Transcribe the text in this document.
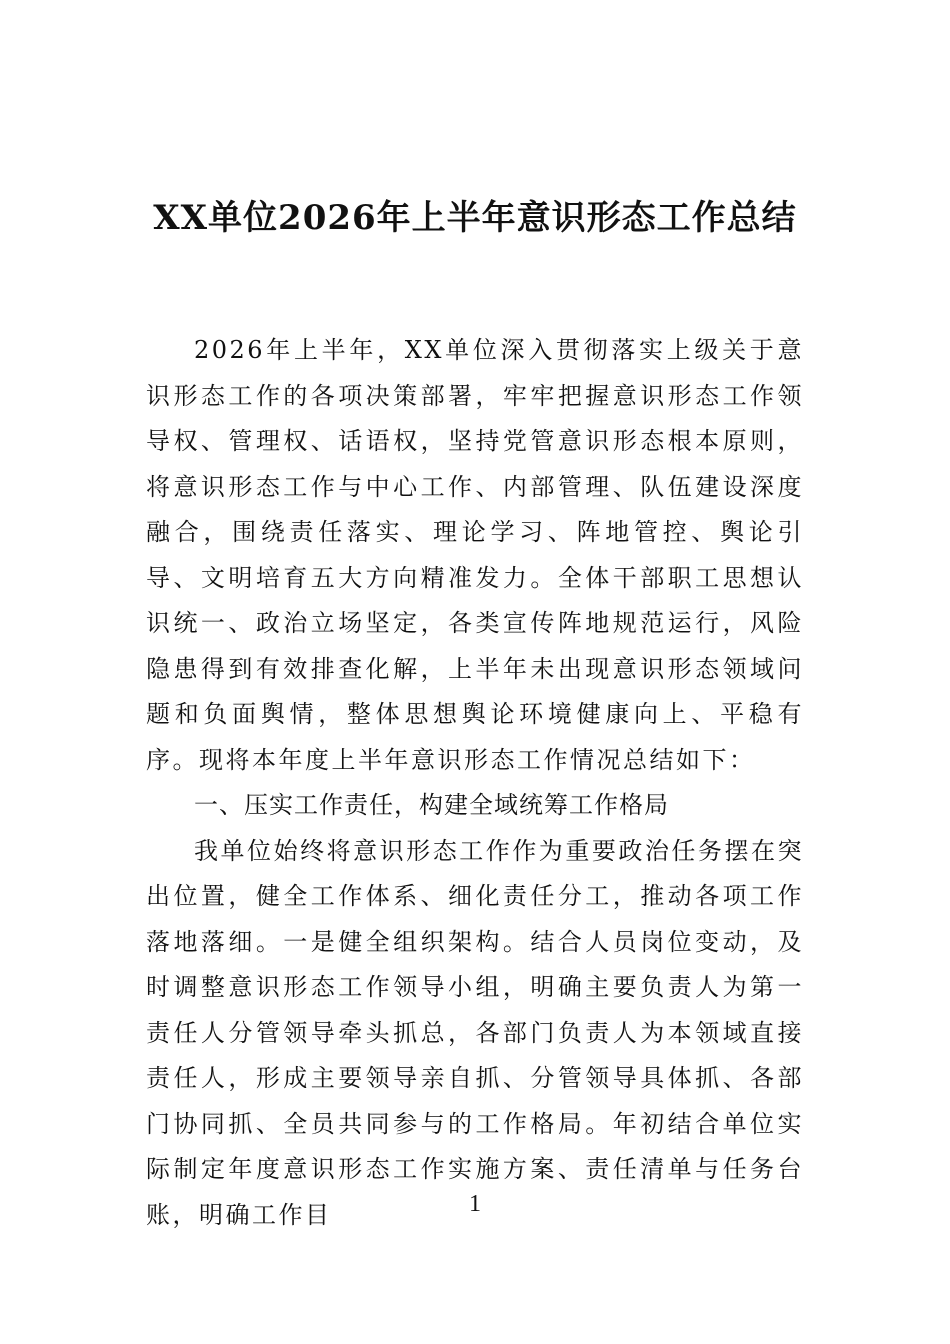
XX单位2026年上半年意识形态工作总结

2026年上半年，XX单位深入贯彻落实上级关于意识形态工作的各项决策部署，牢牢把握意识形态工作领导权、管理权、话语权，坚持党管意识形态根本原则，将意识形态工作与中心工作、内部管理、队伍建设深度融合，围绕责任落实、理论学习、阵地管控、舆论引导、文明培育五大方向精准发力。全体干部职工思想认识统一、政治立场坚定，各类宣传阵地规范运行，风险隐患得到有效排查化解，上半年未出现意识形态领域问题和负面舆情，整体思想舆论环境健康向上、平稳有序。现将本年度上半年意识形态工作情况总结如下：

一、压实工作责任，构建全域统筹工作格局

我单位始终将意识形态工作作为重要政治任务摆在突出位置，健全工作体系、细化责任分工，推动各项工作落地落细。一是健全组织架构。结合人员岗位变动，及时调整意识形态工作领导小组，明确主要负责人为第一责任人分管领导牵头抓总，各部门负责人为本领域直接责任人，形成主要领导亲自抓、分管领导具体抓、各部门协同抓、全员共同参与的工作格局。年初结合单位实际制定年度意识形态工作实施方案、责任清单与任务台账，明确工作目	1
